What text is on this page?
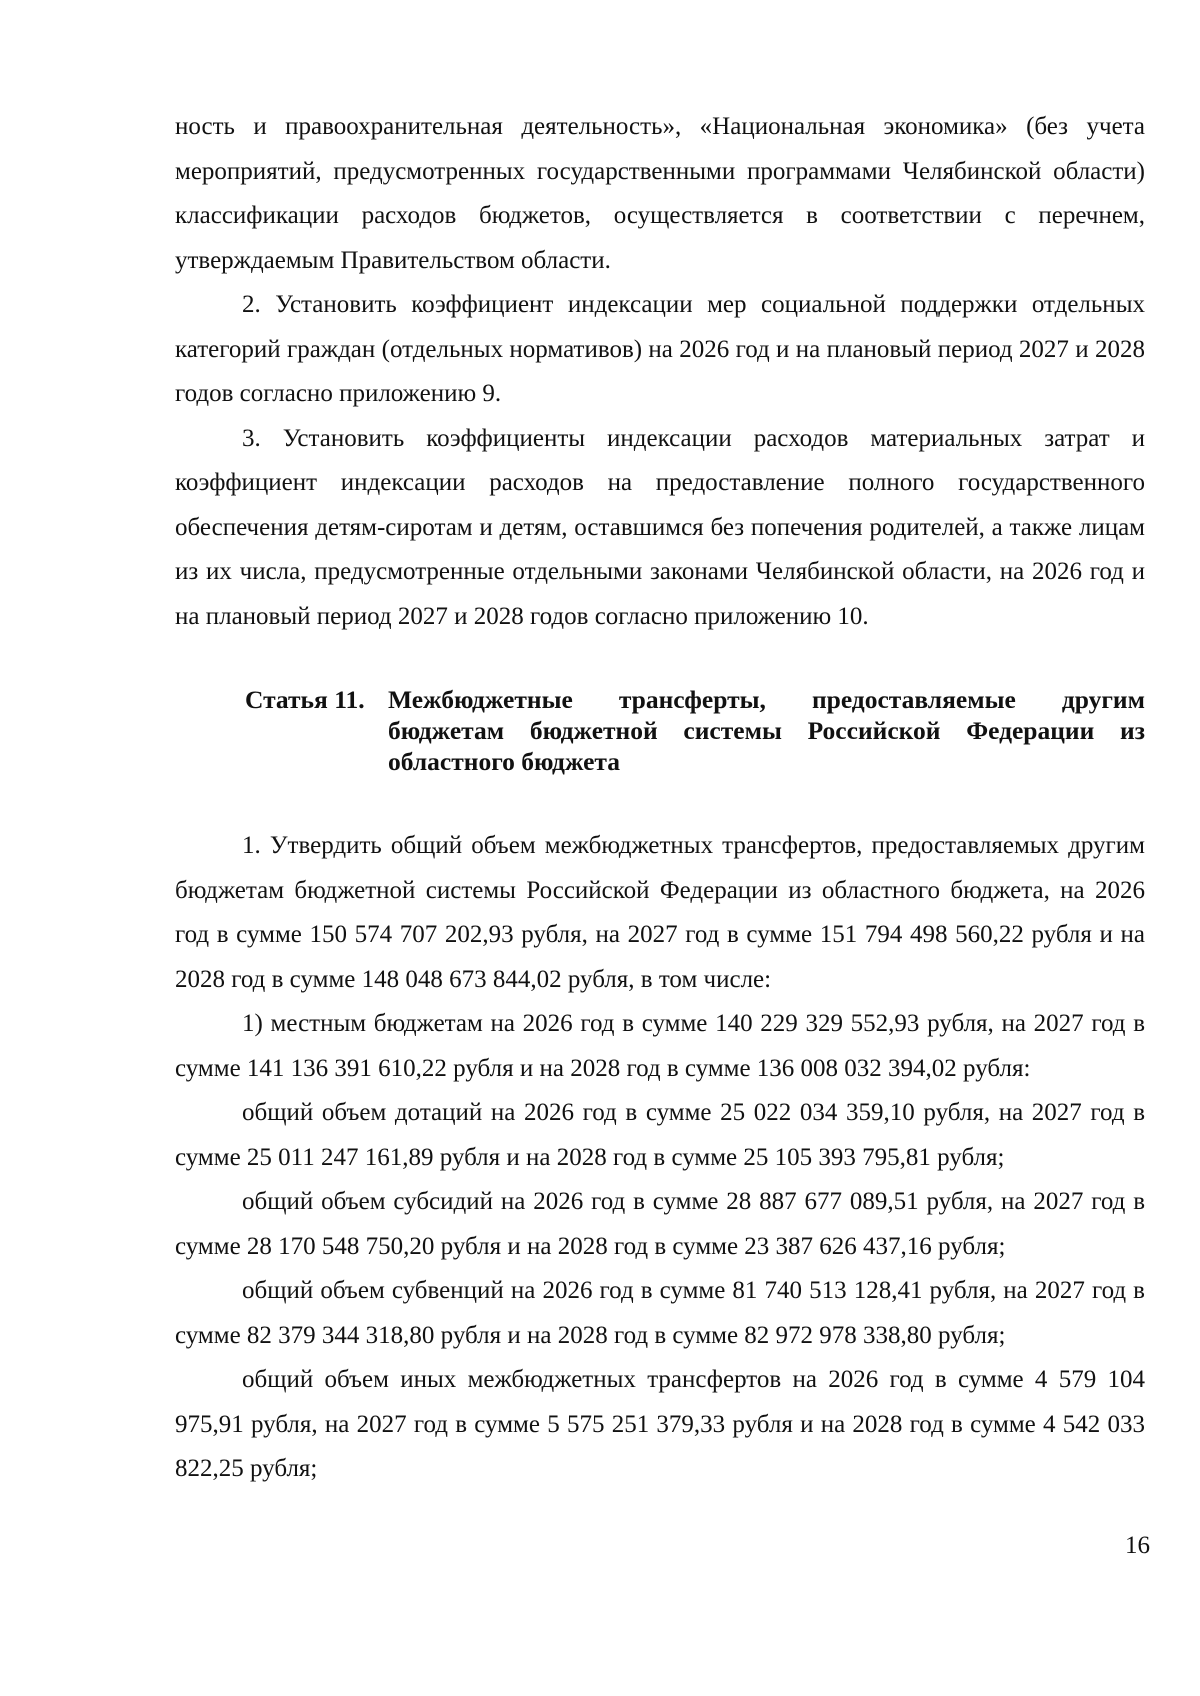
ность и правоохранительная деятельность», «Национальная экономика» (без учета мероприятий, предусмотренных государственными программами Челябинской области) классификации расходов бюджетов, осуществляется в соответствии с перечнем, утверждаемым Правительством области.

2. Установить коэффициент индексации мер социальной поддержки отдельных категорий граждан (отдельных нормативов) на 2026 год и на плановый период 2027 и 2028 годов согласно приложению 9.

3. Установить коэффициенты индексации расходов материальных затрат и коэффициент индексации расходов на предоставление полного государственного обеспечения детям-сиротам и детям, оставшимся без попечения родителей, а также лицам из их числа, предусмотренные отдельными законами Челябинской области, на 2026 год и на плановый период 2027 и 2028 годов согласно приложению 10.

Статья 11. Межбюджетные трансферты, предоставляемые другим бюджетам бюджетной системы Российской Федерации из областного бюджета

1. Утвердить общий объем межбюджетных трансфертов, предоставляемых другим бюджетам бюджетной системы Российской Федерации из областного бюджета, на 2026 год в сумме 150 574 707 202,93 рубля, на 2027 год в сумме 151 794 498 560,22 рубля и на 2028 год в сумме 148 048 673 844,02 рубля, в том числе:

1) местным бюджетам на 2026 год в сумме 140 229 329 552,93 рубля, на 2027 год в сумме 141 136 391 610,22 рубля и на 2028 год в сумме 136 008 032 394,02 рубля:

общий объем дотаций на 2026 год в сумме 25 022 034 359,10 рубля, на 2027 год в сумме 25 011 247 161,89 рубля и на 2028 год в сумме 25 105 393 795,81 рубля;

общий объем субсидий на 2026 год в сумме 28 887 677 089,51 рубля, на 2027 год в сумме 28 170 548 750,20 рубля и на 2028 год в сумме 23 387 626 437,16 рубля;

общий объем субвенций на 2026 год в сумме 81 740 513 128,41 рубля, на 2027 год в сумме 82 379 344 318,80 рубля и на 2028 год в сумме 82 972 978 338,80 рубля;

общий объем иных межбюджетных трансфертов на 2026 год в сумме 4 579 104 975,91 рубля, на 2027 год в сумме 5 575 251 379,33 рубля и на 2028 год в сумме 4 542 033 822,25 рубля;

16
